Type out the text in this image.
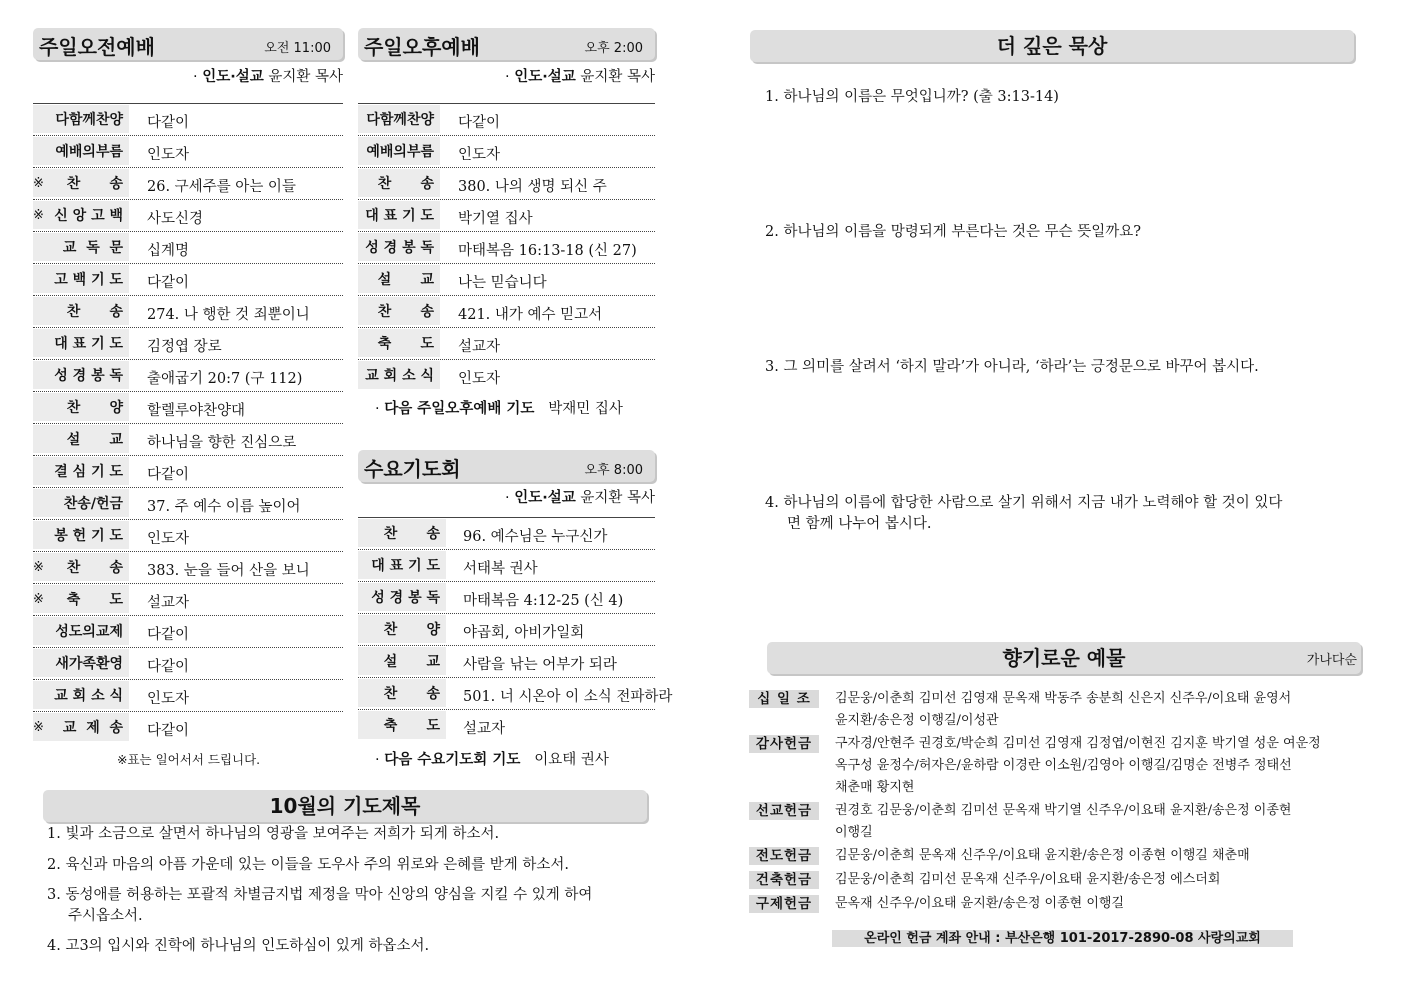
주일오전예배	오전 11:00
· 인도·설교 윤지환 목사
다함께찬양 다같이
예배의부름 인도자
※ 찬      송 26. 구세주를 아는 이들
※ 신 앙 고 백 사도신경
교  독  문 십계명
고 백 기 도 다같이
찬      송 274. 나 행한 것 죄뿐이니
대 표 기 도 김정엽 장로
성 경 봉 독 출애굽기 20:7 (구 112)
찬      양 할렐루야찬양대
설      교 하나님을 향한 진심으로
결 심 기 도 다같이
찬송/헌금 37. 주 예수 이름 높이어
봉 헌 기 도 인도자
※ 찬      송 383. 눈을 들어 산을 보니
※ 축      도 설교자
성도의교제 다같이
새가족환영 다같이
교 회 소 식 인도자
※ 교  제  송 다같이
※표는 일어서서 드립니다.
주일오후예배	오후 2:00
· 인도·설교 윤지환 목사
다함께찬양 다같이
예배의부름 인도자
찬      송 380. 나의 생명 되신 주
대 표 기 도 박기열 집사
성 경 봉 독 마태복음 16:13-18 (신 27)
설      교 나는 믿습니다
찬      송 421. 내가 예수 믿고서
축      도 설교자
교 회 소 식 인도자
· 다음 주일오후예배 기도 박재민 집사
수요기도회	오후 8:00
· 인도·설교 윤지환 목사
찬      송 96. 예수님은 누구신가
대 표 기 도 서태복 권사
성 경 봉 독 마태복음 4:12-25 (신 4)
찬      양 야곱회, 아비가일회
설      교 사람을 낚는 어부가 되라
찬      송 501. 너 시온아 이 소식 전파하라
축      도 설교자
· 다음 수요기도회 기도 이요태 권사
10월의 기도제목
1. 빛과 소금으로 살면서 하나님의 영광을 보여주는 저희가 되게 하소서.
2. 육신과 마음의 아픔 가운데 있는 이들을 도우사 주의 위로와 은혜를 받게 하소서.
3. 동성애를 허용하는 포괄적 차별금지법 제정을 막아 신앙의 양심을 지킬 수 있게 하여
주시옵소서.
4. 고3의 입시와 진학에 하나님의 인도하심이 있게 하옵소서.
더 깊은 묵상
1. 하나님의 이름은 무엇입니까? (출 3:13-14)
2. 하나님의 이름을 망령되게 부른다는 것은 무슨 뜻일까요?
3. 그 의미를 살려서 ‘하지 말라’가 아니라, ‘하라’는 긍정문으로 바꾸어 봅시다.
4. 하나님의 이름에 합당한 사람으로 살기 위해서 지금 내가 노력해야 할 것이 있다
면 함께 나누어 봅시다.
향기로운 예물	가나다순
십 일 조	김문웅/이춘희 김미선 김영재 문옥재 박동주 송분희 신은지 신주우/이요태 윤영서
윤지환/송은정 이행길/이성관
감사헌금	구자경/안현주 권경호/박순희 김미선 김영재 김정엽/이현진 김지훈 박기열 성운 여운정
옥구성 윤정수/허자은/윤하람 이경란 이소원/김영아 이행길/김명순 전병주 정태선
채춘매 황지현
선교헌금	권경호 김문웅/이춘희 김미선 문옥재 박기열 신주우/이요태 윤지환/송은정 이종현
이행길
전도헌금	김문웅/이춘희 문옥재 신주우/이요태 윤지환/송은정 이종현 이행길 채춘매
건축헌금	김문웅/이춘희 김미선 문옥재 신주우/이요태 윤지환/송은정 에스더회
구제헌금	문옥재 신주우/이요태 윤지환/송은정 이종현 이행길
온라인 헌금 계좌 안내 : 부산은행 101-2017-2890-08 사랑의교회
